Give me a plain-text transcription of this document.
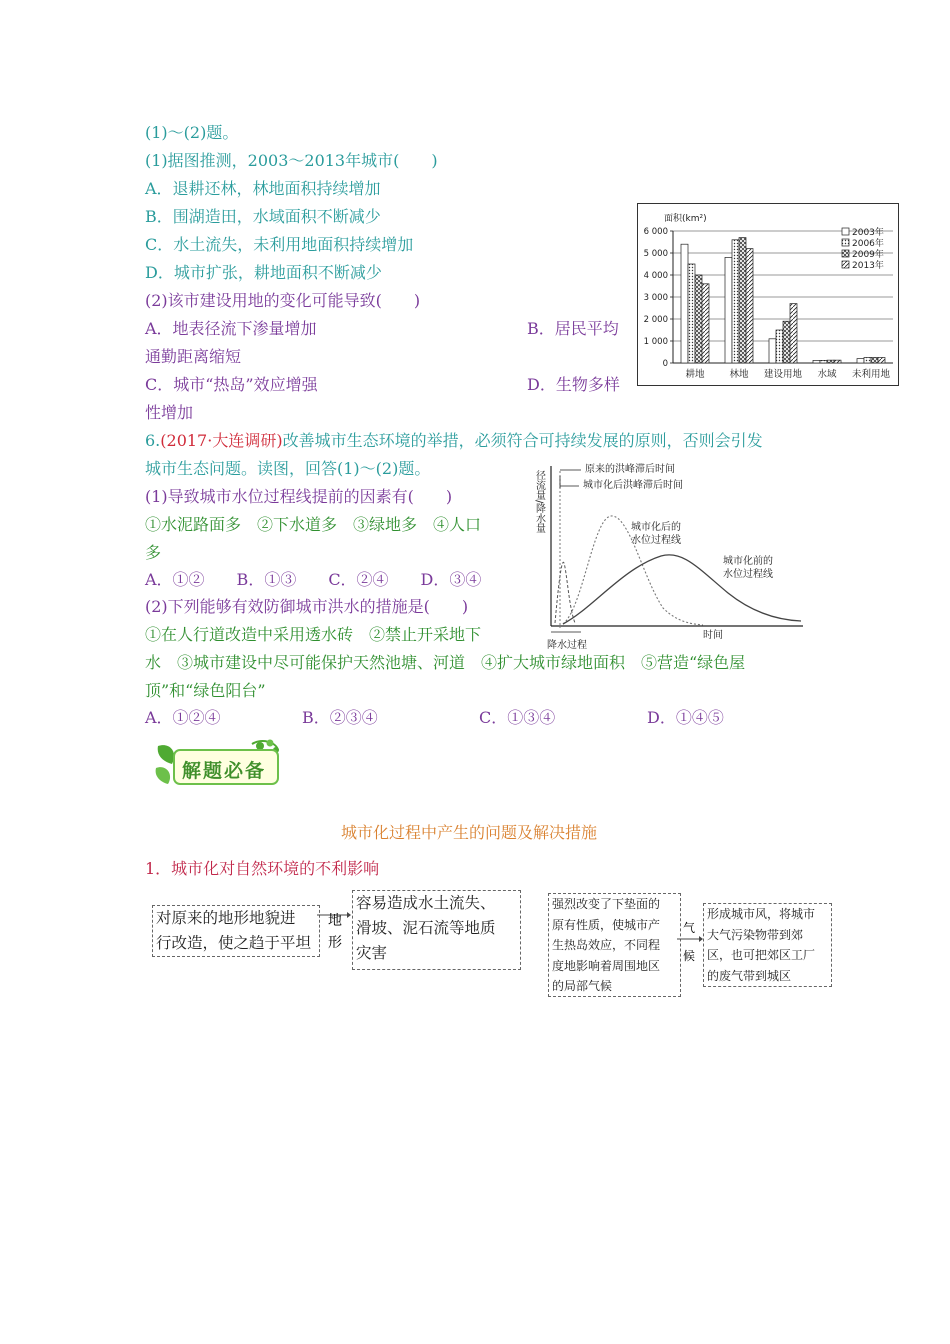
(1)～(2)题。
(1)据图推测，2003～2013年城市(　　)
A．退耕还林，林地面积持续增加
B．围湖造田，水域面积不断减少
C．水土流失，未利用地面积持续增加
D．城市扩张，耕地面积不断减少
(2)该市建设用地的变化可能导致(　　)
A．地表径流下渗量增加	B．居民平均
通勤距离缩短
C．城市“热岛”效应增强	D．生物多样
性增加
面积(km²)
0
1 000
2 000
3 000
4 000
5 000
6 000
耕地	林地 建设用地 水域 未利用地
2003年
2006年
2009年
2013年
6.(2017·大连调研)改善城市生态环境的举措，必须符合可持续发展的原则，否则会引发
城市生态问题。读图，回答(1)～(2)题。
(1)导致城市水位过程线提前的因素有(　　)
①水泥路面多　②下水道多　③绿地多　④人口
多
A．①②　　B．①③　　C．②④　　D．③④
(2)下列能够有效防御城市洪水的措施是(　　)
①在人行道改造中采用透水砖　②禁止开采地下
水　③城市建设中尽可能保护天然池塘、河道　④扩大城市绿地面积　⑤营造“绿色屋
顶”和“绿色阳台”
A．①②④	B．②③④	C．①③④	D．①④⑤
径流量/降水量
原来的洪峰滞后时间
城市化后洪峰滞后时间
城市化后的
水位过程线
城市化前的
水位过程线
降水过程
时间
解题必备
城市化过程中产生的问题及解决措施
1．城市化对自然环境的不利影响
对原来的地形地貌进
行改造，使之趋于平坦
地
形
容易造成水土流失、
滑坡、泥石流等地质
灾害
强烈改变了下垫面的
原有性质，使城市产
生热岛效应，不同程
度地影响着周围地区
的局部气候
气
候
形成城市风，将城市
大气污染物带到郊
区，也可把郊区工厂
的废气带到城区
